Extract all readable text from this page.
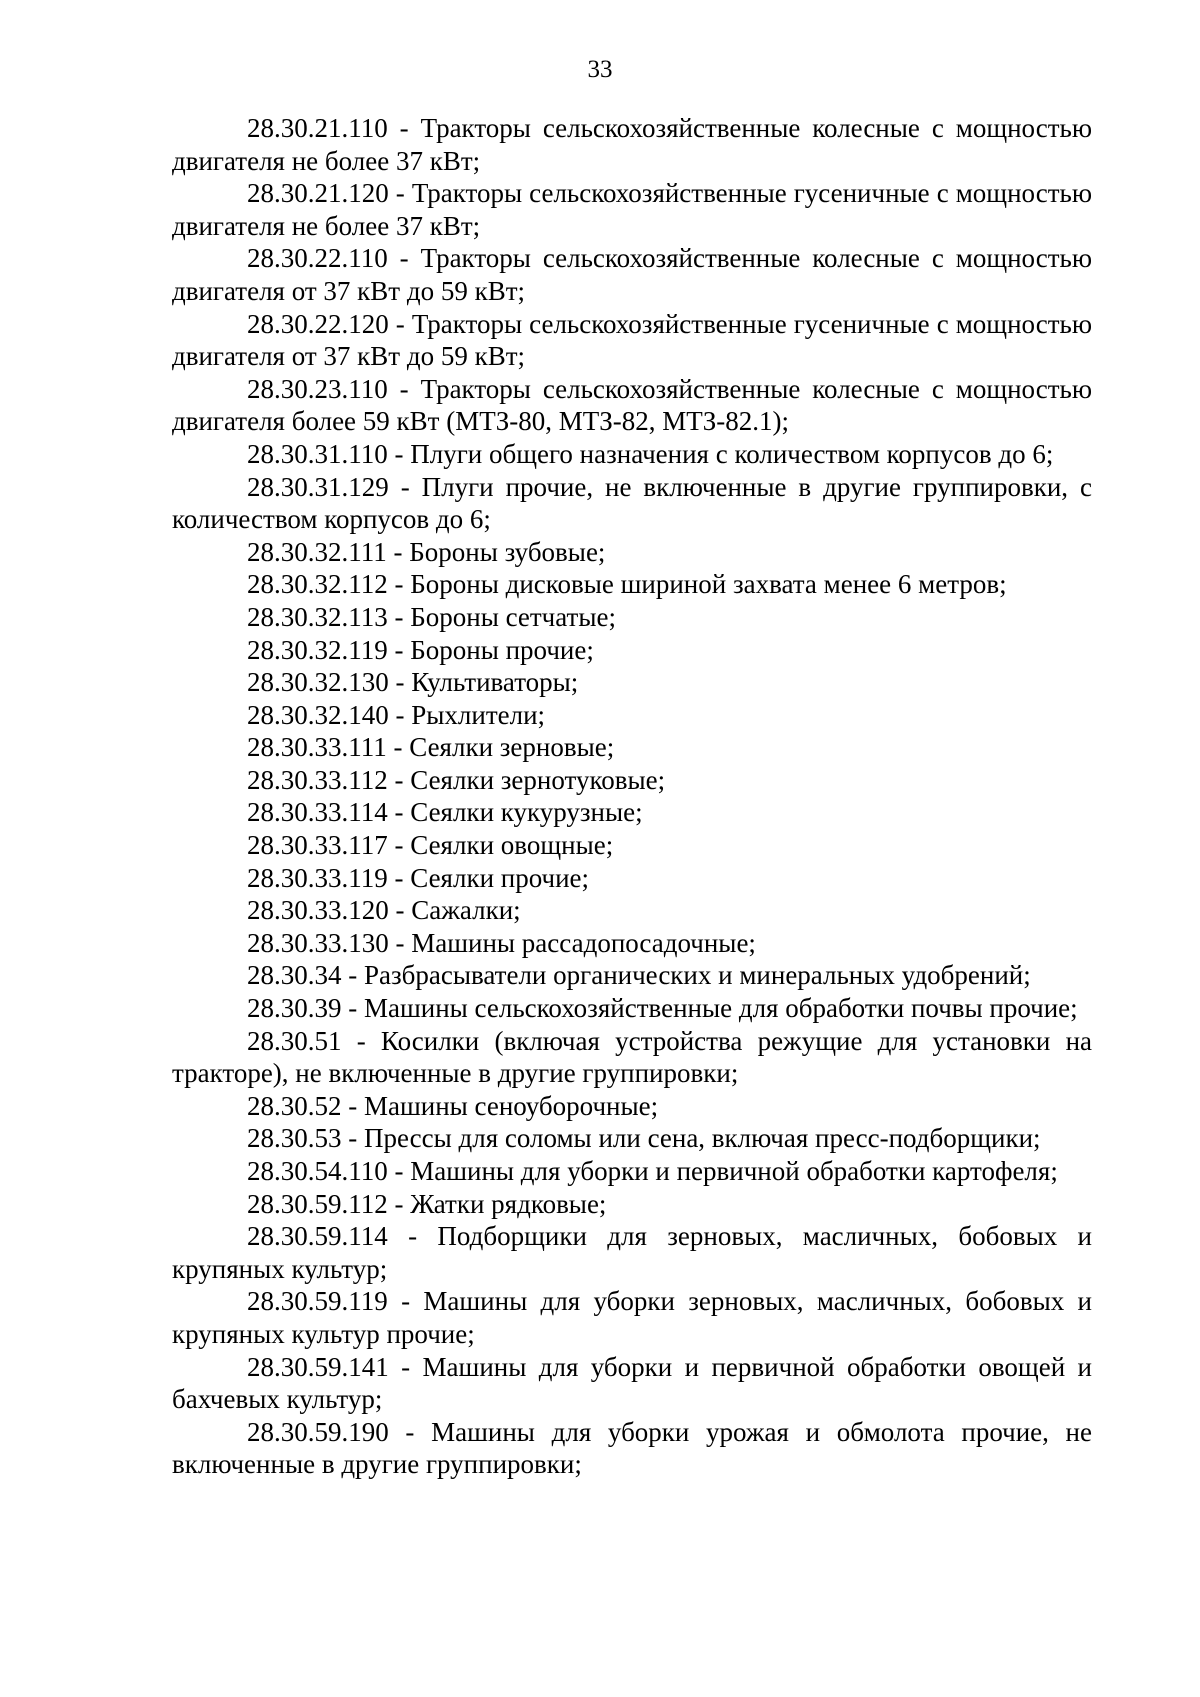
33

28.30.21.110 - Тракторы сельскохозяйственные колесные с мощностью двигателя не более 37 кВт;

28.30.21.120 - Тракторы сельскохозяйственные гусеничные с мощностью двигателя не более 37 кВт;

28.30.22.110 - Тракторы сельскохозяйственные колесные с мощностью двигателя от 37 кВт до 59 кВт;

28.30.22.120 - Тракторы сельскохозяйственные гусеничные с мощностью двигателя от 37 кВт до 59 кВт;

28.30.23.110 - Тракторы сельскохозяйственные колесные с мощностью двигателя более 59 кВт (МТЗ-80, МТЗ-82, МТЗ-82.1);

28.30.31.110 - Плуги общего назначения с количеством корпусов до 6;

28.30.31.129 - Плуги прочие, не включенные в другие группировки, с количеством корпусов до 6;

28.30.32.111 - Бороны зубовые;

28.30.32.112 - Бороны дисковые шириной захвата менее 6 метров;

28.30.32.113 - Бороны сетчатые;

28.30.32.119 - Бороны прочие;

28.30.32.130 - Культиваторы;

28.30.32.140 - Рыхлители;

28.30.33.111 - Сеялки зерновые;

28.30.33.112 - Сеялки зернотуковые;

28.30.33.114 - Сеялки кукурузные;

28.30.33.117 - Сеялки овощные;

28.30.33.119 - Сеялки прочие;

28.30.33.120 - Сажалки;

28.30.33.130 - Машины рассадопосадочные;

28.30.34 - Разбрасыватели органических и минеральных удобрений;

28.30.39 - Машины сельскохозяйственные для обработки почвы прочие;

28.30.51 - Косилки (включая устройства режущие для установки на тракторе), не включенные в другие группировки;

28.30.52 - Машины сеноуборочные;

28.30.53 - Прессы для соломы или сена, включая пресс-подборщики;

28.30.54.110 - Машины для уборки и первичной обработки картофеля;

28.30.59.112 - Жатки рядковые;

28.30.59.114 - Подборщики для зерновых, масличных, бобовых и крупяных культур;

28.30.59.119 - Машины для уборки зерновых, масличных, бобовых и крупяных культур прочие;

28.30.59.141 - Машины для уборки и первичной обработки овощей и бахчевых культур;

28.30.59.190 - Машины для уборки урожая и обмолота прочие, не включенные в другие группировки;
